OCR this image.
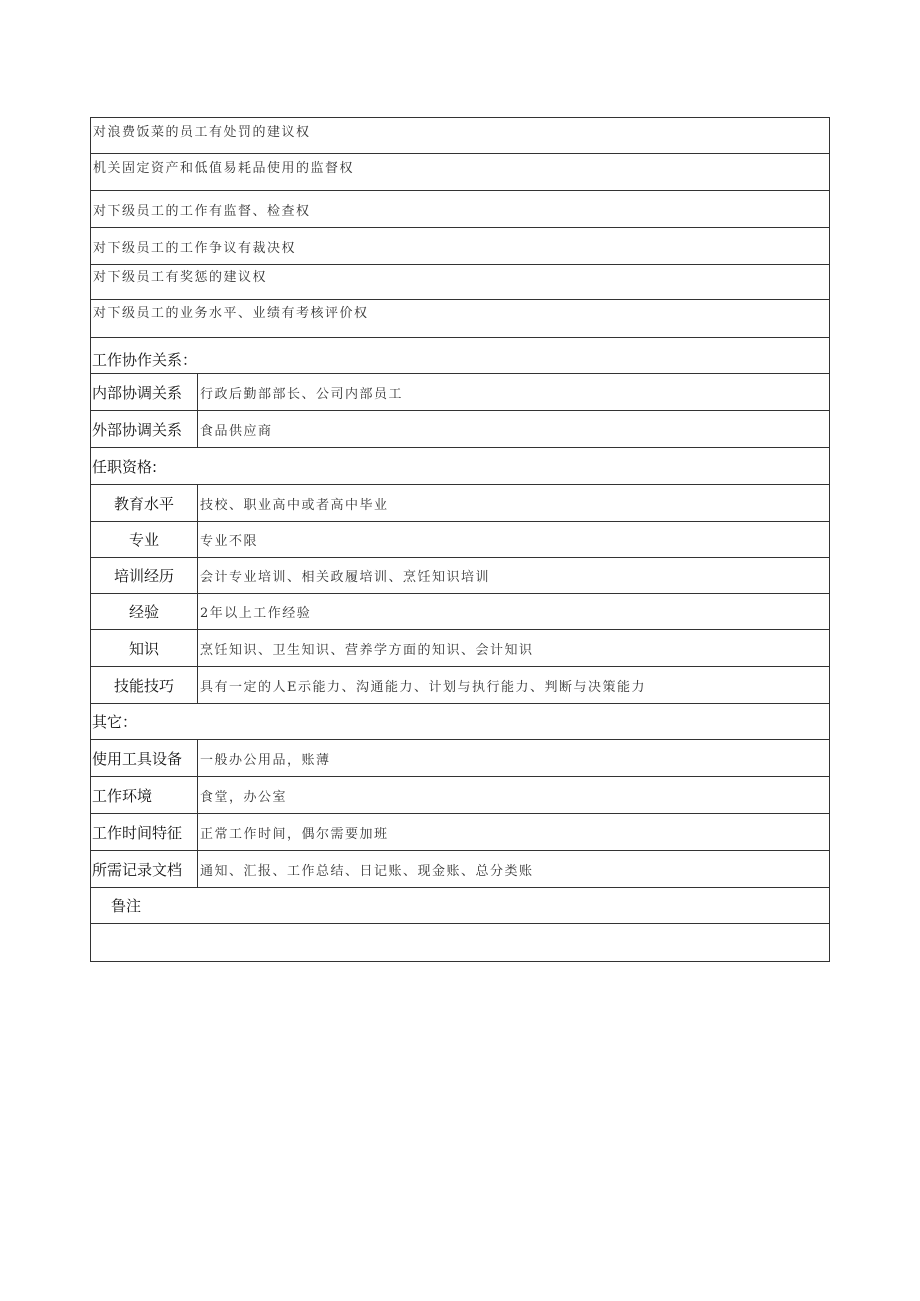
对浪费饭菜的员工有处罚的建议权
机关固定资产和低值易耗品使用的监督权
对下级员工的工作有监督、检查权
对下级员工的工作争议有裁决权
对下级员工有奖惩的建议权
对下级员工的业务水平、业绩有考核评价权
工作协作关系：
内部协调关系	行政后勤部部长、公司内部员工
外部协调关系	食品供应商
任职资格:
教育水平	技校、职业高中或者高中毕业
专业	专业不限
培训经历	会计专业培训、相关政履培训、烹饪知识培训
经验	2年以上工作经验
知识	烹饪知识、卫生知识、营养学方面的知识、会计知识
技能技巧	具有一定的人E示能力、沟通能力、计划与执行能力、判断与决策能力
其它：
使用工具设备	一般办公用品，账薄
工作环境	食堂，办公室
工作时间特征	正常工作时间，偶尔需要加班
所需记录文档	通知、汇报、工作总结、日记账、现金账、总分类账
鲁注
